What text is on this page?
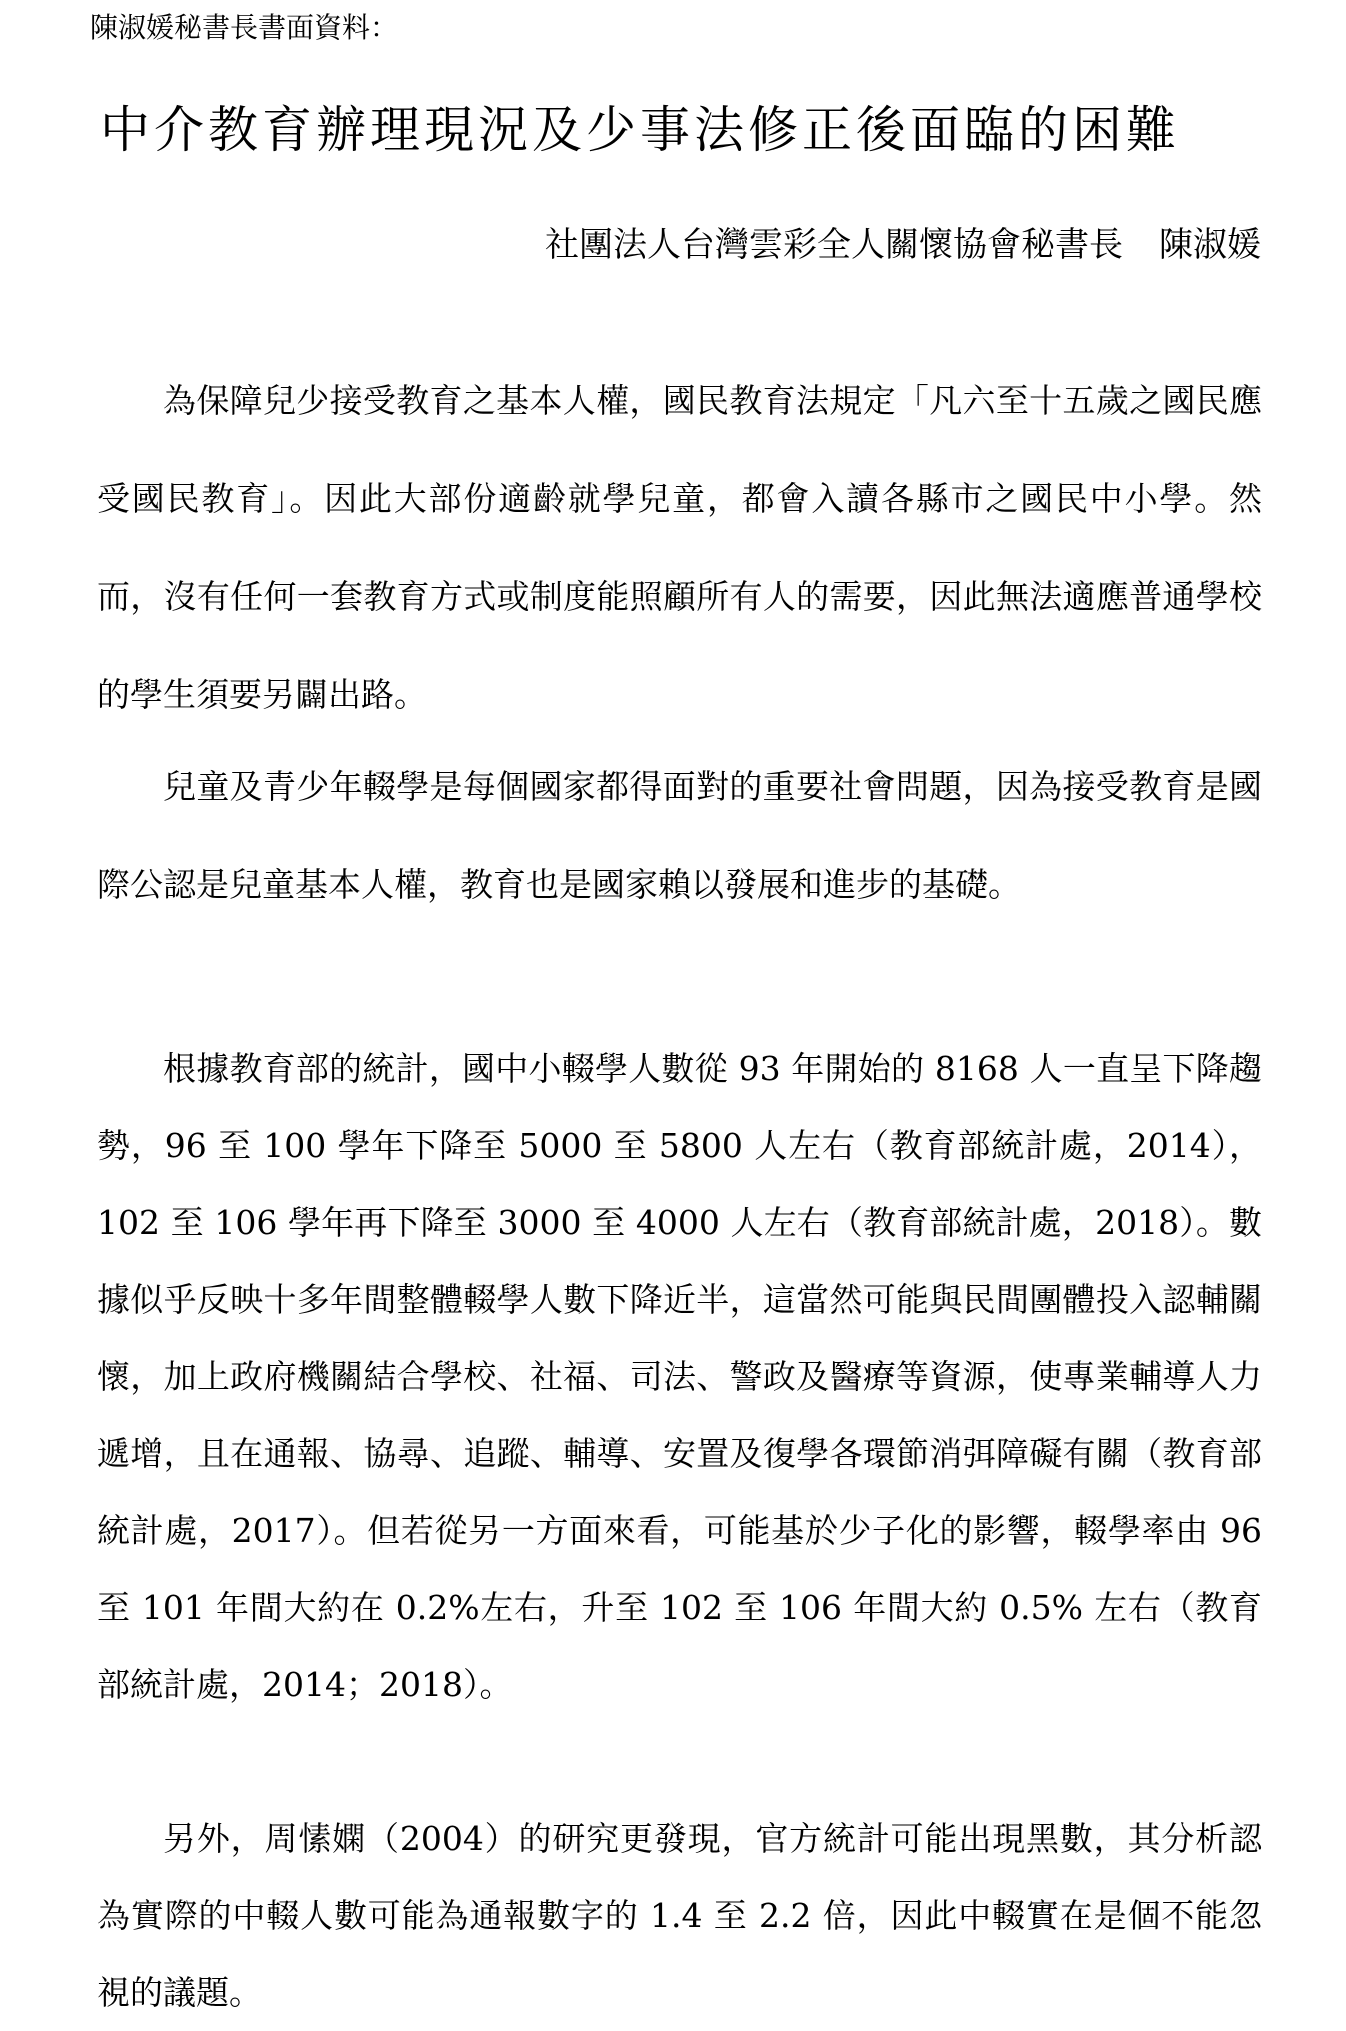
陳淑媛秘書長書面資料：
中介教育辦理現況及少事法修正後面臨的困難
社團法人台灣雲彩全人關懷協會秘書長 陳淑媛

為保障兒少接受教育之基本人權，國民教育法規定「凡六至十五歲之國民應受國民教育」。因此大部份適齡就學兒童，都會入讀各縣市之國民中小學。然而，沒有任何一套教育方式或制度能照顧所有人的需要，因此無法適應普通學校的學生須要另闢出路。

兒童及青少年輟學是每個國家都得面對的重要社會問題，因為接受教育是國際公認是兒童基本人權，教育也是國家賴以發展和進步的基礎。

根據教育部的統計，國中小輟學人數從 93 年開始的 8168 人一直呈下降趨勢，96 至 100 學年下降至 5000 至 5800 人左右（教育部統計處，2014），102 至 106 學年再下降至 3000 至 4000 人左右（教育部統計處，2018）。數據似乎反映十多年間整體輟學人數下降近半，這當然可能與民間團體投入認輔關懷，加上政府機關結合學校、社福、司法、警政及醫療等資源，使專業輔導人力遞增，且在通報、協尋、追蹤、輔導、安置及復學各環節消弭障礙有關（教育部統計處，2017）。但若從另一方面來看，可能基於少子化的影響，輟學率由 96 至 101 年間大約在 0.2%左右，升至 102 至 106 年間大約 0.5% 左右（教育部統計處，2014；2018）。

另外，周愫嫻（2004）的研究更發現，官方統計可能出現黑數，其分析認為實際的中輟人數可能為通報數字的 1.4 至 2.2 倍，因此中輟實在是個不能忽視的議題。
